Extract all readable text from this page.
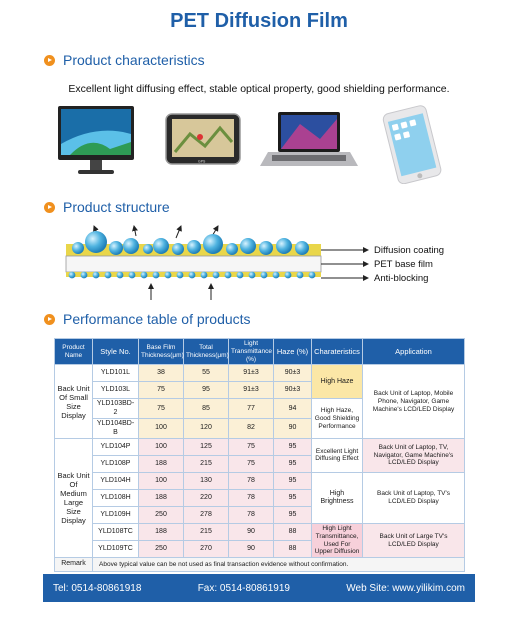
PET Diffusion Film
Product characteristics
Excellent light diffusing effect, stable optical property, good shielding performance.
GPS
Product structure
Diffusion coating
PET base film
Anti-blocking
Performance table of products
Product Name	Style No.	Base Film Thickness(μm)	Total Thickness(μm)	Light Transmittance (%)	Haze (%)	Charateristics	Application
Back Unit Of Small Size Display	YLD101L	38	55	91±3	90±3	High Haze	Back Unit of Laptop, Mobile Phone, Navigator, Game Machine's LCD/LED Display
	YLD103L	75	95	91±3	90±3		
	YLD103BD-2	75	85	77	94	High Haze, Good Shielding Performance	
	YLD104BD-B	100	120	82	90		
Back Unit Of Medium Large Size Display	YLD104P	100	125	75	95	Excellent Light Diffusing Effect	Back Unit of Laptop, TV, Navigator, Game Machine's LCD/LED Display
	YLD108P	188	215	75	95		
	YLD104H	100	130	78	95	High Brightness	Back Unit of Laptop, TV's LCD/LED Display
	YLD108H	188	220	78	95		
	YLD109H	250	278	78	95		
	YLD108TC	188	215	90	88	High Light Transmittance, Used For Upper Diffusion	Back Unit of Large TV's LCD/LED Display
	YLD109TC	250	270	90	88		
Remark	Above typical value can be not used as final transaction evidence without confirmation.						
Tel: 0514-80861918	Fax: 0514-80861919	Web Site: www.yilikim.com
